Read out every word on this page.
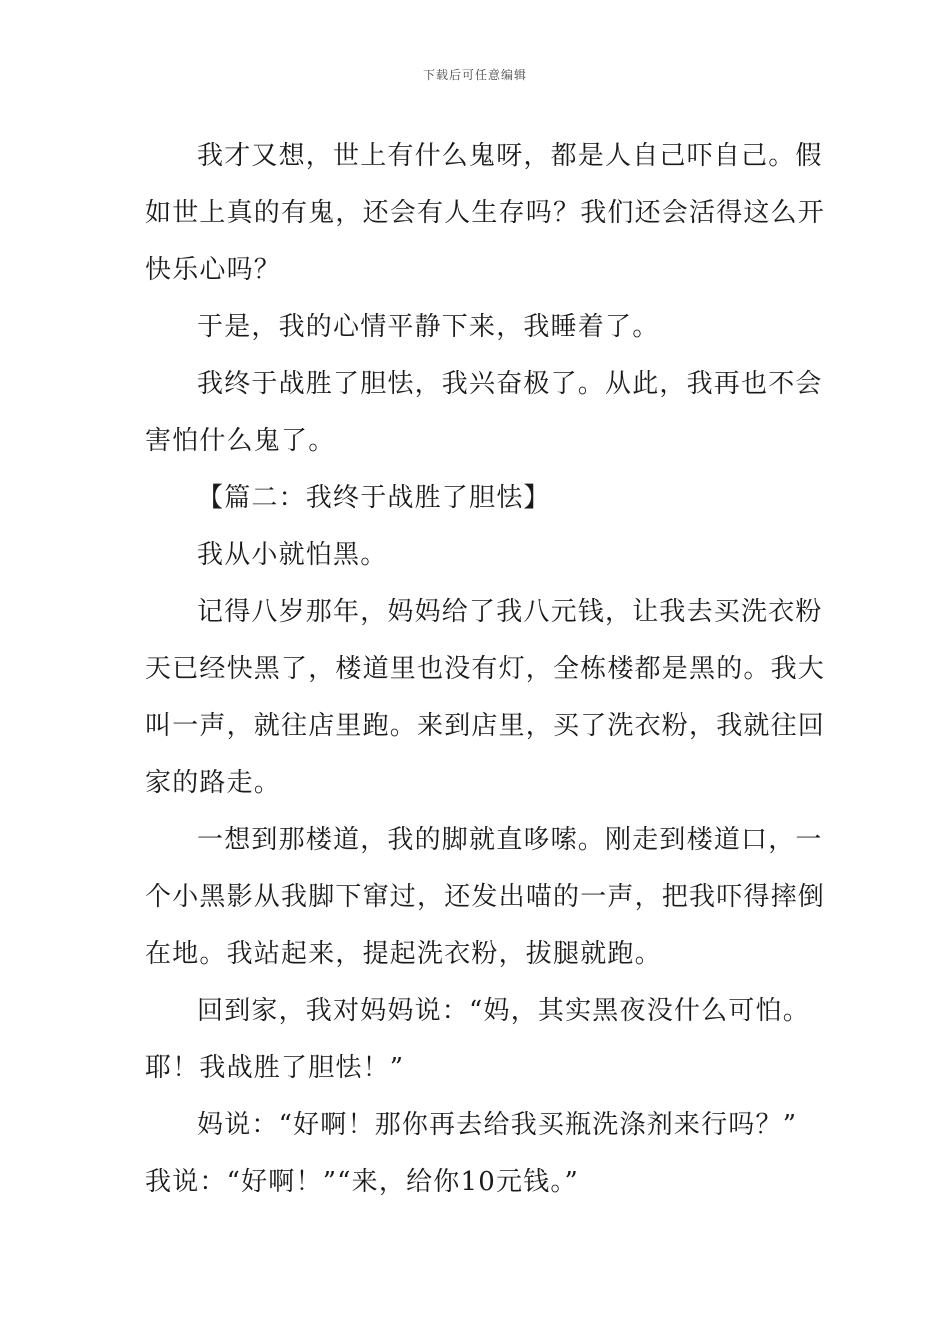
下载后可任意编辑
我才又想，世上有什么鬼呀，都是人自己吓自己。假
如世上真的有鬼，还会有人生存吗？我们还会活得这么开
快乐心吗？
于是，我的心情平静下来，我睡着了。
我终于战胜了胆怯，我兴奋极了。从此，我再也不会
害怕什么鬼了。
【篇二：我终于战胜了胆怯】
我从小就怕黑。
记得八岁那年，妈妈给了我八元钱，让我去买洗衣粉
天已经快黑了，楼道里也没有灯，全栋楼都是黑的。我大
叫一声，就往店里跑。来到店里，买了洗衣粉，我就往回
家的路走。
一想到那楼道，我的脚就直哆嗦。刚走到楼道口，一
个小黑影从我脚下窜过，还发出喵的一声，把我吓得摔倒
在地。我站起来，提起洗衣粉，拔腿就跑。
回到家，我对妈妈说：“妈，其实黑夜没什么可怕。
耶！我战胜了胆怯！”
妈说：“好啊！那你再去给我买瓶洗涤剂来行吗？”
我说：“好啊！”“来，给你10元钱。”
